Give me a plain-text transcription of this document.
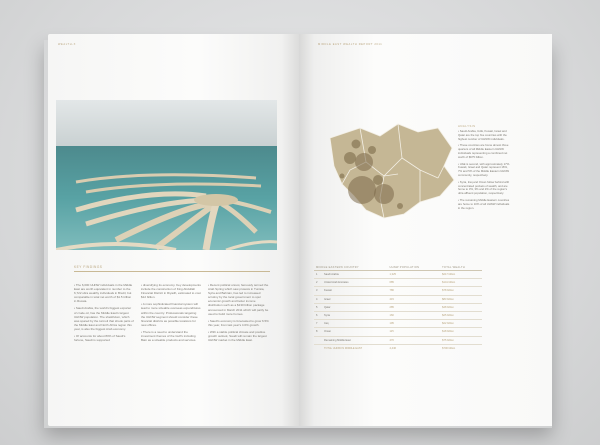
WEALTH-X
KEY FINDINGS
• The 6,000 UHNW individuals in the Middle East are worth equivalent in number to the 6,722 ultra wealthy individuals in Brazil, but comparable in total net worth of $1.5 trillion in Russia.
• Saudi Arabia, the world's biggest exporter of crude oil, has the Middle East's largest UHNW population. The sheikhdom, which was spared by the turmoil that shook parts of the Middle East and North Africa region this year, is also the biggest Arab economy.
• Of accounts for about 80% of Saudi's fortune, Saudi is supported
• diversifying its economy. Key developments include the construction of King Abdullah Financial District in Riyadh, estimated to cost $12 billion.
• A more sophisticated financial system will lead to more sizeable overseas expenditures within the country. Professionals targeting the UHNW segment should consider these financial districts as possible locations for new offices.
• There is a need to understand the investment themes of the Gulf's including Bain as a sizeable products and services.
• Recent political unrest, famously termed the Arab Spring which saw protests in Tunisia, Syria and Bahrain, has led to increased scrutiny by the local government to spur economic growth and better income distribution such as a $130 billion package announced in March 2011 which will partly be used to build more homes.
• Saudi's economy is forecasted to grow 6.5% this year, from last year's 4.6% growth.
• With a stable political climate and positive growth outlook, Saudi will remain the largest UHNW market in the Middle East.
MIDDLE EAST WEALTH REPORT 2011
ANALYSIS

• Saudi Arabia, UAE, Kuwait, Israel and Qatar are the top five countries with the highest number of UHNW individuals.

• These countries are home almost three quarters of all Middle Eastern UHNW individuals representing a combined net worth of $675 billion.

• UAE is second, with approximately 17%. Kuwait, Israel and Qatar represent 16%, 7% and 5% of the Middle Eastern UHNW community, respectively.

• Syria, Iraq and Oman follow behind with concentrated pockets of wealth, and are home to 3%, 3% and 2% of the region's ultra affluent population, respectively.

• The remaining Middle Eastern countries are home to 10% of all UHNW individuals in the region.

MIDDLE EASTERN COUNTRY		UHNW POPULATION	TOTAL WEALTH
1	Saudi Arabia	1,325	$217 billion
2	United Arab Emirates	685	$141 billion
3	Kuwait	786	$78 billion
4	Israel	415	$83 billion
5	Qatar	285	$48 billion
6	Syria	160	$25 billion
7	Iraq	195	$22 billion
8	Oman	115	$18 billion
	Remaining Middle East	470	$75 billion
	TOTAL UHNW IN MIDDLE EAST	4,446	$700 billion
